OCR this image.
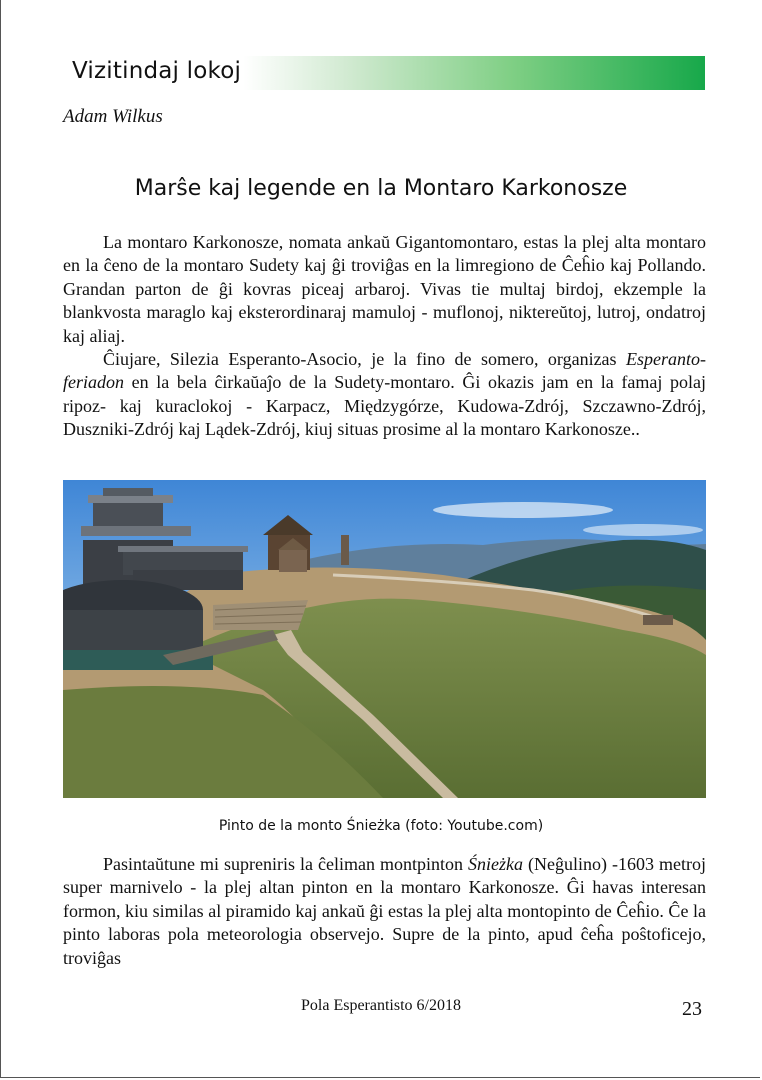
Vizitindaj lokoj
Adam Wilkus
Marŝe kaj legende en la Montaro Karkonosze

La montaro Karkonosze, nomata ankaŭ Gigantomontaro, estas la plej alta montaro en la ĉeno de la montaro Sudety kaj ĝi troviĝas en la limregiono de Ĉeĥio kaj Pollando. Grandan parton de ĝi kovras piceaj arbaroj. Vivas tie multaj birdoj, ekzemple la blankvosta maraglo kaj eksterordinaraj mamuloj - muflonoj, niktereŭtoj, lutroj, ondatroj kaj aliaj.

Ĉiujare, Silezia Esperanto-Asocio, je la fino de somero, organizas Esperanto-feriadon en la bela ĉirkaŭaĵo de la Sudety-montaro. Ĝi okazis jam en la famaj polaj ripoz- kaj kuraclokoj - Karpacz, Międzygórze, Kudowa-Zdrój, Szczawno-Zdrój, Duszniki-Zdrój kaj Lądek-Zdrój, kiuj situas prosime al la montaro Karkonosze..

Pinto de la monto Śnieżka (foto: Youtube.com)

Pasintaŭtune mi supreniris la ĉeliman montpinton Śnieżka (Neĝulino) -1603 metroj super marnivelo - la plej altan pinton en la montaro Karkonosze. Ĝi havas interesan formon, kiu similas al piramido kaj ankaŭ ĝi estas la plej alta montopinto de Ĉeĥio. Ĉe la pinto laboras pola meteorologia observejo. Supre de la pinto, apud ĉeĥa poŝtoficejo, troviĝas

Pola Esperantisto 6/2018	23
